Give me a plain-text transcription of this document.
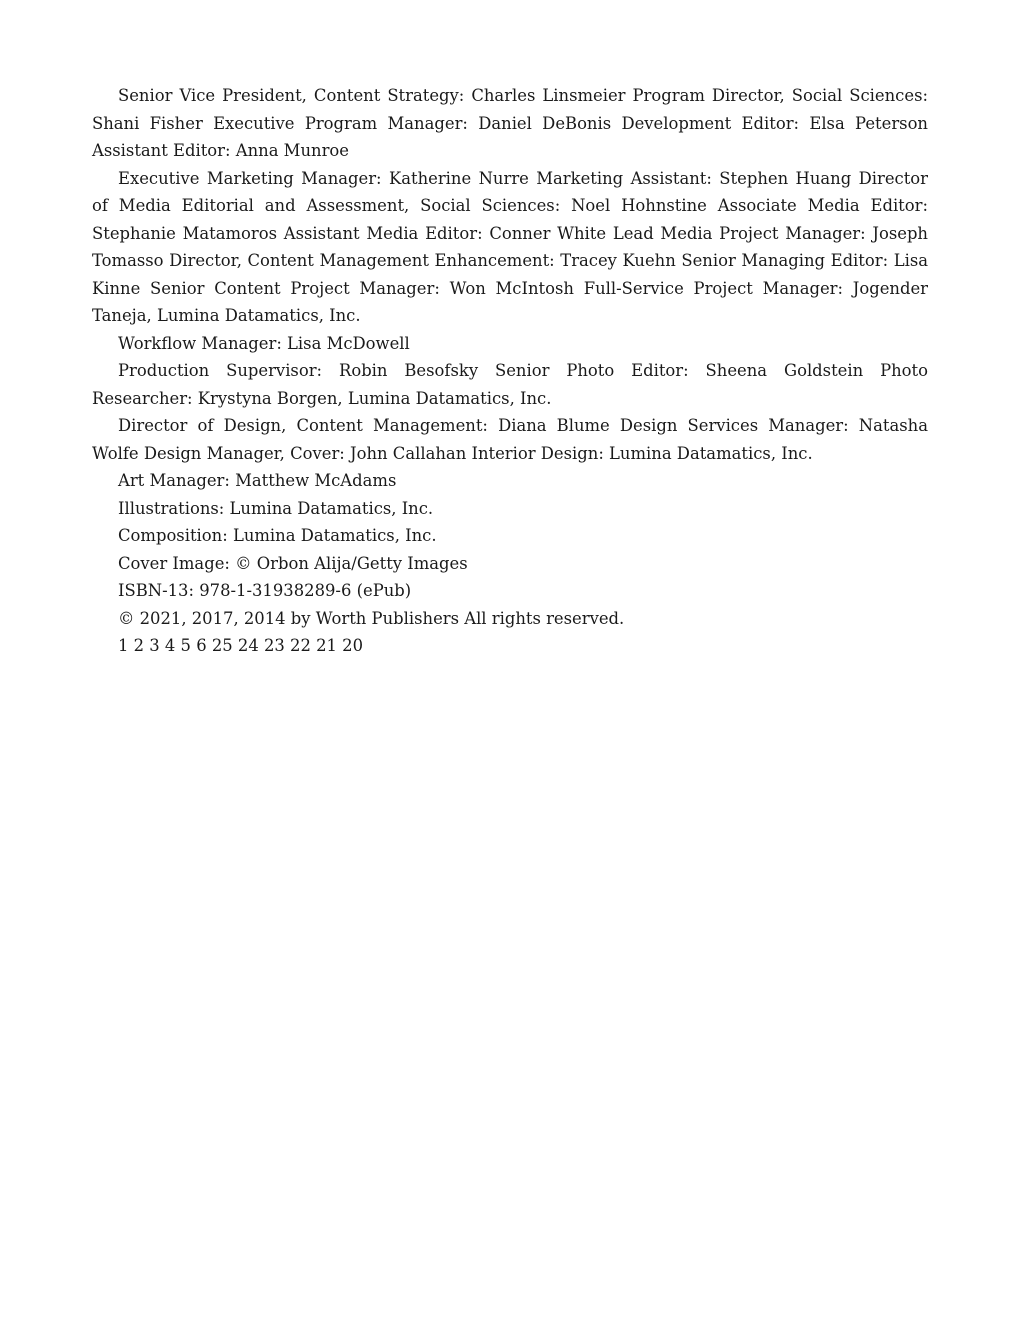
Senior Vice President, Content Strategy: Charles Linsmeier Program Director, Social Sciences: Shani Fisher Executive Program Manager: Daniel DeBonis Development Editor: Elsa Peterson Assistant Editor: Anna Munroe

Executive Marketing Manager: Katherine Nurre Marketing Assistant: Stephen Huang Director of Media Editorial and Assessment, Social Sciences: Noel Hohnstine Associate Media Editor: Stephanie Matamoros Assistant Media Editor: Conner White Lead Media Project Manager: Joseph Tomasso Director, Content Management Enhancement: Tracey Kuehn Senior Managing Editor: Lisa Kinne Senior Content Project Manager: Won McIntosh Full-Service Project Manager: Jogender Taneja, Lumina Datamatics, Inc.

Workflow Manager: Lisa McDowell

Production Supervisor: Robin Besofsky Senior Photo Editor: Sheena Goldstein Photo Researcher: Krystyna Borgen, Lumina Datamatics, Inc.

Director of Design, Content Management: Diana Blume Design Services Manager: Natasha Wolfe Design Manager, Cover: John Callahan Interior Design: Lumina Datamatics, Inc.

Art Manager: Matthew McAdams

Illustrations: Lumina Datamatics, Inc.

Composition: Lumina Datamatics, Inc.

Cover Image: © Orbon Alija/Getty Images

ISBN-13: 978-1-31938289-6 (ePub)

© 2021, 2017, 2014 by Worth Publishers All rights reserved.

1 2 3 4 5 6 25 24 23 22 21 20
